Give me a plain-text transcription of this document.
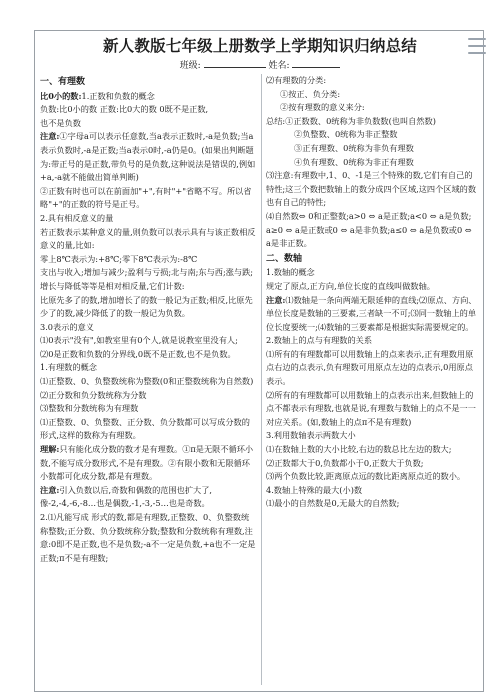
新人教版七年级上册数学上学期知识归纳总结
班级:	姓名:

一、有理数

比0小的数:1.正数和负数的概念

负数:比0小的数 正数:比0大的数 0既不是正数,

也不是负数

注意:①字母a可以表示任意数,当a表示正数时,-a是负数;当a表示负数时,-a是正数;当a表示0时,-a仍是0。(如果出判断题为:带正号的是正数,带负号的是负数,这种说法是错误的,例如+a,-a就不能做出简单判断)

②正数有时也可以在前面加"+",有时"+"省略不写。所以省略"+"的正数的符号是正号。

2.具有相反意义的量

若正数表示某种意义的量,则负数可以表示具有与该正数相反意义的量,比如:

零上8℃表示为:+8℃;零下8℃表示为:-8℃

支出与收入;增加与减少;盈利与亏损;北与南;东与西;涨与跌;增长与降低等等是相对相反量,它们计数:

比原先多了的数,增加增长了的数一般记为正数;相反,比原先少了的数,减少降低了的数一般记为负数。

3.0表示的意义

⑴0表示"没有",如教室里有0个人,就是说教室里没有人;

⑵0是正数和负数的分界线,0既不是正数,也不是负数。

1.有理数的概念

⑴正整数、0、负整数统称为整数(0和正整数统称为自然数)

⑵正分数和负分数统称为分数

⑶整数和分数统称为有理数

⑴正整数、0、负整数、正分数、负分数都可以写成分数的形式,这样的数称为有理数。

理解:只有能化成分数的数才是有理数。①π是无限不循环小数,不能写成分数形式,不是有理数。②有限小数和无限循环小数都可化成分数,都是有理数。

注意:引入负数以后,奇数和偶数的范围也扩大了,像-2,-4,-6,-8…也是偶数,-1,-3,-5…也是奇数。

2.⑴凡能写成 形式的数,都是有理数,正整数、0、负整数统称整数;正分数、负分数统称分数;整数和分数统称有理数,注意:0即不是正数,也不是负数;-a不一定是负数,+a也不一定是正数;π不是有理数;

⑵有理数的分类:

①按正、负分类:

②按有理数的意义来分:

总结:①正数数、0统称为非负数数(也叫自然数)

②负整数、0统称为非正整数

③正有理数、0统称为非负有理数

④负有理数、0统称为非正有理数

⑶注意:有理数中,1、0、-1是三个特殊的数,它们有自己的特性;这三个数把数轴上的数分成四个区域,这四个区域的数也有自己的特性;

⑷自然数⇔ 0和正整数;a>0 ⇔ a是正数;a<0 ⇔ a是负数;

a≥0 ⇔ a是正数或0 ⇔ a是非负数;a≤0 ⇔ a是负数或0 ⇔ a是非正数。

二、数轴

1.数轴的概念

规定了原点,正方向,单位长度的直线叫做数轴。

注意:⑴数轴是一条向两端无限延伸的直线;⑵原点、方向、单位长度是数轴的三要素,三者缺一不可;⑶同一数轴上的单位长度要统一;⑷数轴的三要素都是根据实际需要规定的。

2.数轴上的点与有理数的关系

⑴所有的有理数都可以用数轴上的点来表示,正有理数用原点右边的点表示,负有理数可用原点左边的点表示,0用原点表示。

⑵所有的有理数都可以用数轴上的点表示出来,但数轴上的点不都表示有理数,也就是说,有理数与数轴上的点不是一一对应关系。(如,数轴上的点π不是有理数)

3.利用数轴表示两数大小

⑴在数轴上数的大小比较,右边的数总比左边的数大;

⑵正数都大于0,负数都小于0,正数大于负数;

⑶两个负数比较,距离原点远的数比距离原点近的数小。

4.数轴上特殊的最大(小)数

⑴最小的自然数是0,无最大的自然数;
